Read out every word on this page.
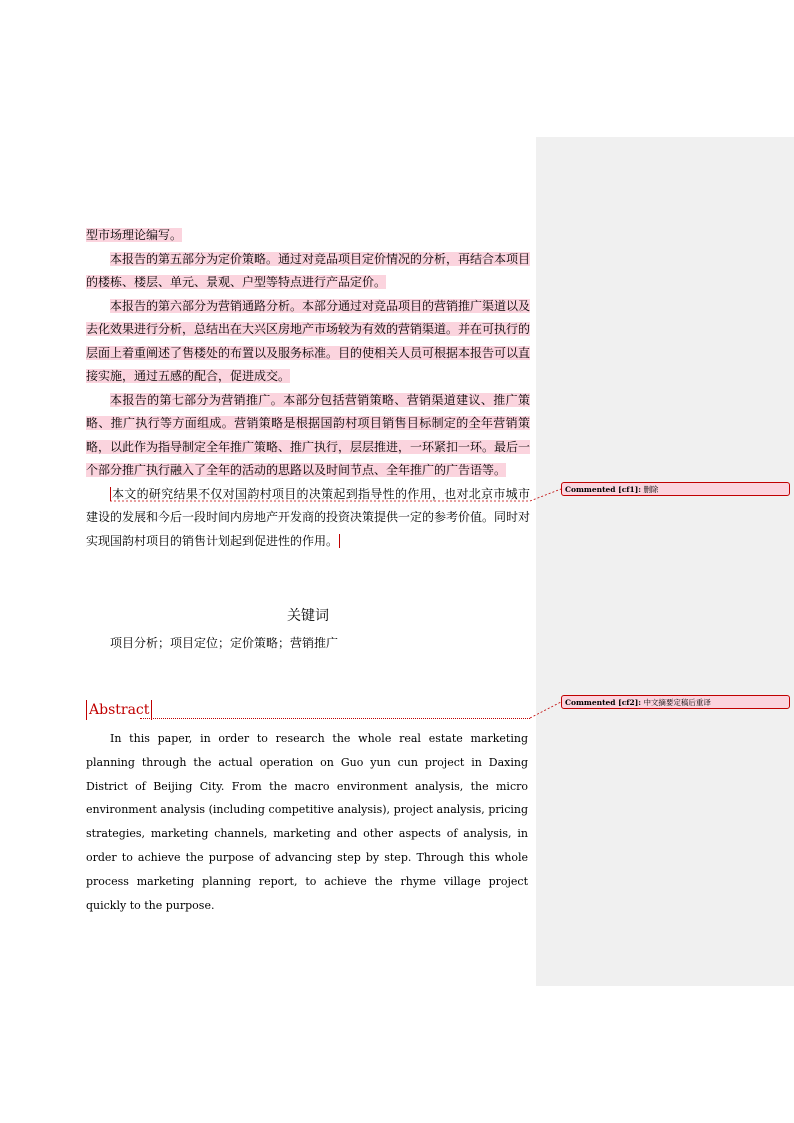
型市场理论编写。

本报告的第五部分为定价策略。通过对竞品项目定价情况的分析，再结合本项目的楼栋、楼层、单元、景观、户型等特点进行产品定价。

本报告的第六部分为营销通路分析。本部分通过对竞品项目的营销推广渠道以及去化效果进行分析，总结出在大兴区房地产市场较为有效的营销渠道。并在可执行的层面上着重阐述了售楼处的布置以及服务标准。目的使相关人员可根据本报告可以直接实施，通过五感的配合，促进成交。

本报告的第七部分为营销推广。本部分包括营销策略、营销渠道建议、推广策略、推广执行等方面组成。营销策略是根据国韵村项目销售目标制定的全年营销策略，以此作为指导制定全年推广策略、推广执行，层层推进，一环紧扣一环。最后一个部分推广执行融入了全年的活动的思路以及时间节点、全年推广的广告语等。

本文的研究结果不仅对国韵村项目的决策起到指导性的作用，也对北京市城市建设的发展和今后一段时间内房地产开发商的投资决策提供一定的参考价值。同时对实现国韵村项目的销售计划起到促进性的作用。

关键词
项目分析；项目定位；定价策略；营销推广
Abstract

In this paper, in order to research the whole real estate marketing planning through the actual operation on Guo yun cun project in Daxing District of Beijing City. From the macro environment analysis, the micro environment analysis (including competitive analysis), project analysis, pricing strategies, marketing channels, marketing and other aspects of analysis, in order to achieve the purpose of advancing step by step. Through this whole process marketing planning report, to achieve the rhyme village project quickly to the purpose.

Commented [cf1]: 删除
Commented [cf2]: 中文摘要定稿后重译
